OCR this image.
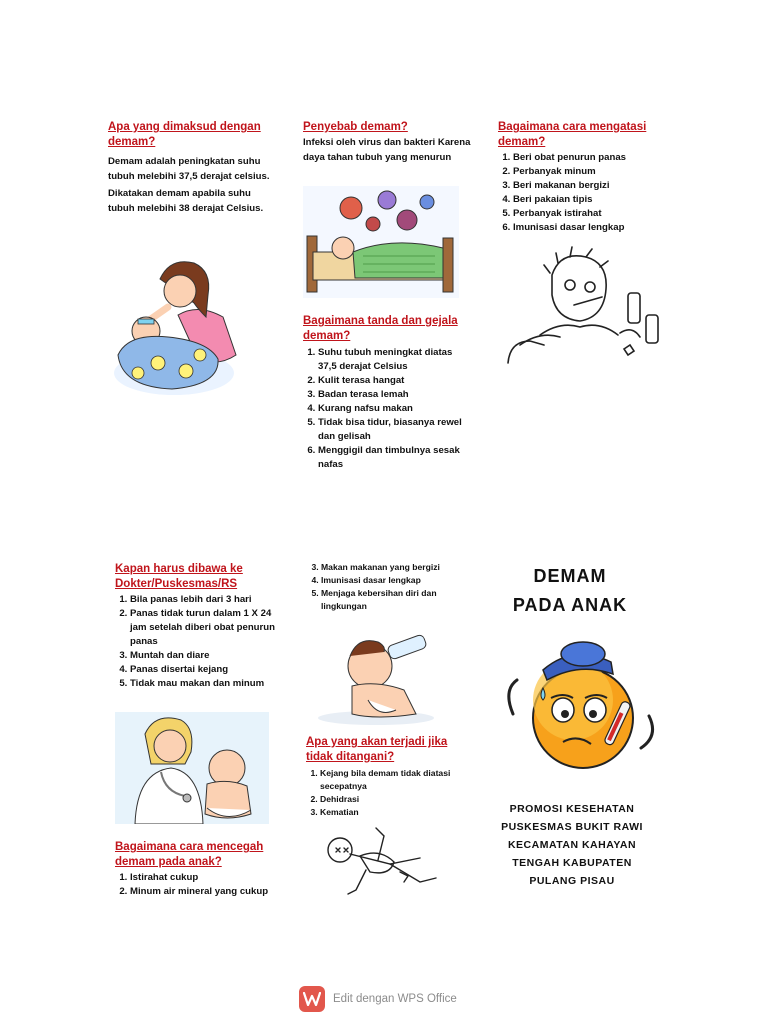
Apa yang dimaksud dengan demam?

Demam adalah peningkatan suhu tubuh melebihi 37,5 derajat celsius.

Dikatakan demam apabila suhu tubuh melebihi 38 derajat Celsius.

Penyebab demam?

Infeksi oleh virus dan bakteri Karena daya tahan tubuh yang menurun

Bagaimana tanda dan gejala demam?

1. Suhu tubuh meningkat diatas 37,5 derajat Celsius
2. Kulit terasa hangat
3. Badan terasa lemah
4. Kurang nafsu makan
5. Tidak bisa tidur, biasanya rewel dan gelisah
6. Menggigil dan timbulnya sesak nafas

Bagaimana cara mengatasi demam?

1. Beri obat penurun panas
2. Perbanyak minum
3. Beri makanan bergizi
4. Beri pakaian tipis
5. Perbanyak istirahat
6. Imunisasi dasar lengkap

Kapan harus dibawa ke Dokter/Puskesmas/RS

1. Bila panas lebih dari 3 hari
2. Panas tidak turun dalam 1 X 24 jam setelah diberi obat penurun panas
3. Muntah dan diare
4. Panas disertai kejang
5. Tidak mau makan dan minum

Bagaimana cara mencegah demam pada anak?

1. Istirahat cukup
2. Minum air mineral yang cukup
3. Makan makanan yang bergizi
4. Imunisasi dasar lengkap
5. Menjaga kebersihan diri dan lingkungan

Apa yang akan terjadi jika tidak ditangani?

1. Kejang bila demam tidak diatasi secepatnya
2. Dehidrasi
3. Kematian
DEMAM
PADA ANAK
PROMOSI KESEHATAN
PUSKESMAS BUKIT RAWI
KECAMATAN KAHAYAN
TENGAH KABUPATEN
PULANG PISAU
Edit dengan WPS Office
